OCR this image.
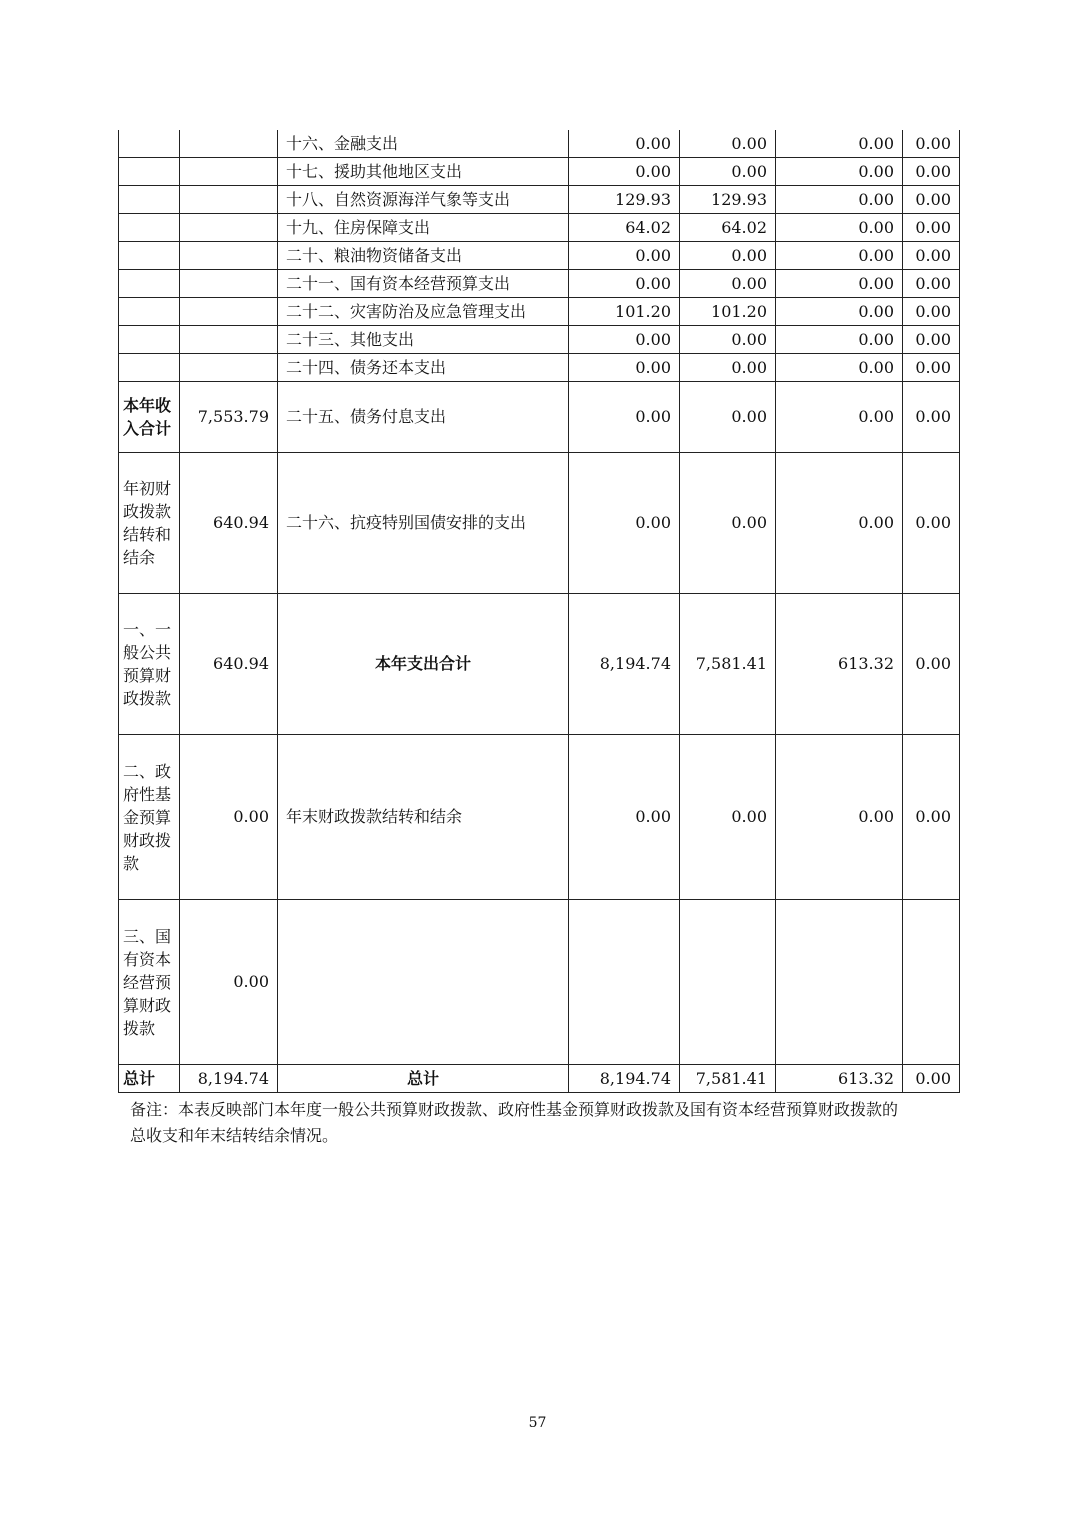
		十六、金融支出	0.00	0.00	0.00	0.00
		十七、援助其他地区支出	0.00	0.00	0.00	0.00
		十八、自然资源海洋气象等支出	129.93	129.93	0.00	0.00
		十九、住房保障支出	64.02	64.02	0.00	0.00
		二十、粮油物资储备支出	0.00	0.00	0.00	0.00
		二十一、国有资本经营预算支出	0.00	0.00	0.00	0.00
		二十二、灾害防治及应急管理支出	101.20	101.20	0.00	0.00
		二十三、其他支出	0.00	0.00	0.00	0.00
		二十四、债务还本支出	0.00	0.00	0.00	0.00
本年收入合计	7,553.79	二十五、债务付息支出	0.00	0.00	0.00	0.00
年初财政拨款结转和结余	640.94	二十六、抗疫特别国债安排的支出	0.00	0.00	0.00	0.00
一、一般公共预算财政拨款	640.94	本年支出合计	8,194.74	7,581.41	613.32	0.00
二、政府性基金预算财政拨款	0.00	年末财政拨款结转和结余	0.00	0.00	0.00	0.00
三、国有资本经营预算财政拨款	0.00					
总计	8,194.74	总计	8,194.74	7,581.41	613.32	0.00
备注：本表反映部门本年度一般公共预算财政拨款、政府性基金预算财政拨款及国有资本经营预算财政拨款的总收支和年末结转结余情况。
57
